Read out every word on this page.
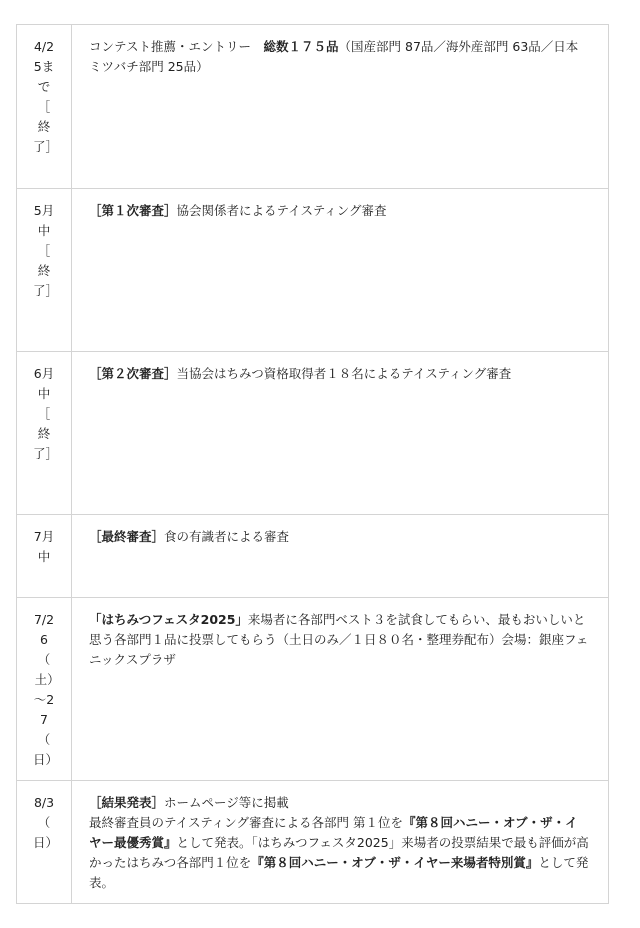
4/25まで［終了］	コンテスト推薦・エントリー　総数１７５品（国産部門 87品／海外産部門 63品／日本ミツバチ部門 25品）

5月中［終了］	［第１次審査］協会関係者によるテイスティング審査

6月中［終了］	［第２次審査］当協会はちみつ資格取得者１８名によるテイスティング審査

7月中	［最終審査］食の有識者による審査

7/26（土）～27（日）	「はちみつフェスタ2025」来場者に各部門ベスト３を試食してもらい、最もおいしいと思う各部門１品に投票してもらう（土日のみ／１日８０名・整理券配布）会場：銀座フェニックスプラザ

8/3（日）	［結果発表］ホームページ等に掲載
最終審査員のテイスティング審査による各部門 第１位を『第８回ハニー・オブ・ザ・イヤー最優秀賞』として発表。「はちみつフェスタ2025」来場者の投票結果で最も評価が高かったはちみつ各部門１位を『第８回ハニー・オブ・ザ・イヤー来場者特別賞』として発表。
